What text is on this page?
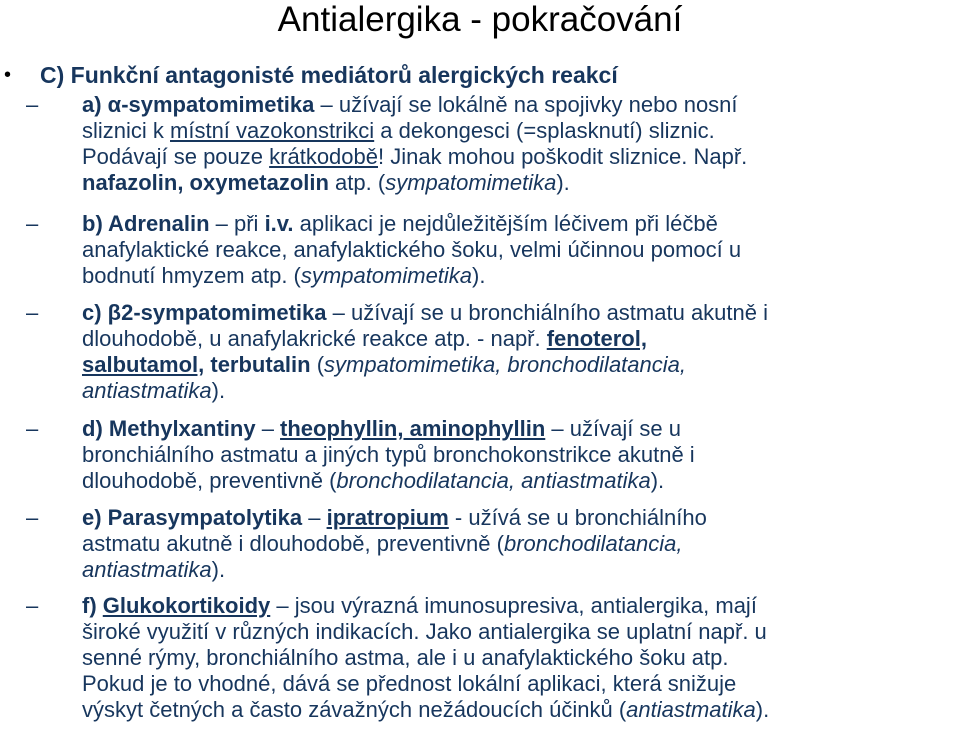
Antialergika - pokračování
• C) Funkční antagonisté mediátorů alergických reakcí
– a) α-sympatomimetika – užívají se lokálně na spojivky nebo nosní
sliznici k místní vazokonstrikci a dekongesci (=splasknutí) sliznic.
Podávají se pouze krátkodobě! Jinak mohou poškodit sliznice. Např.
nafazolin, oxymetazolin atp. (sympatomimetika).
– b) Adrenalin – při i.v. aplikaci je nejdůležitějším léčivem při léčbě
anafylaktické reakce, anafylaktického šoku, velmi účinnou pomocí u
bodnutí hmyzem atp. (sympatomimetika).
– c) β2-sympatomimetika – užívají se u bronchiálního astmatu akutně i
dlouhodobě, u anafylakrické reakce atp. - např. fenoterol,
salbutamol, terbutalin (sympatomimetika, bronchodilatancia,
antiastmatika).
– d) Methylxantiny – theophyllin, aminophyllin – užívají se u
bronchiálního astmatu a jiných typů bronchokonstrikce akutně i
dlouhodobě, preventivně (bronchodilatancia, antiastmatika).
– e) Parasympatolytika – ipratropium - užívá se u bronchiálního
astmatu akutně i dlouhodobě, preventivně (bronchodilatancia,
antiastmatika).
– f) Glukokortikoidy – jsou výrazná imunosupresiva, antialergika, mají
široké využití v různých indikacích. Jako antialergika se uplatní např. u
senné rýmy, bronchiálního astma, ale i u anafylaktického šoku atp.
Pokud je to vhodné, dává se přednost lokální aplikaci, která snižuje
výskyt četných a často závažných nežádoucích účinků (antiastmatika).
